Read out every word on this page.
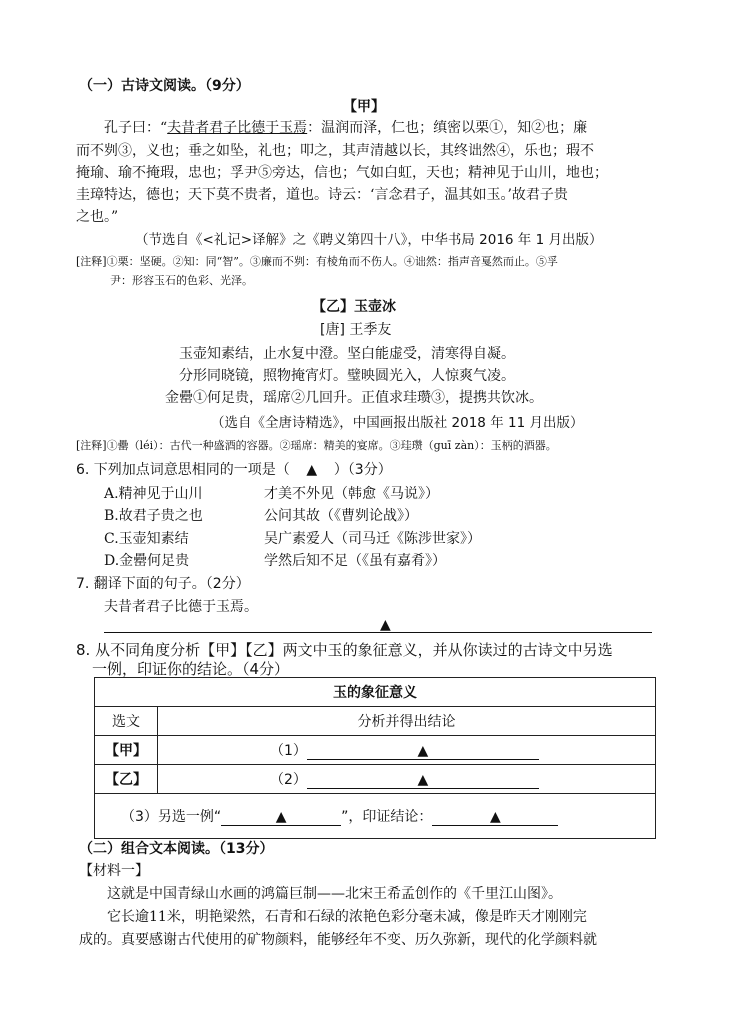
（一）古诗文阅读。（9分）
【甲】
孔子曰：“夫昔者君子比德于玉焉：温润而泽，仁也；缜密以栗①，知②也；廉
而不刿③，义也；垂之如坠，礼也；叩之，其声清越以长，其终诎然④，乐也；瑕不
掩瑜、瑜不掩瑕，忠也；孚尹⑤旁达，信也；气如白虹，天也；精神见于山川，地也；
圭璋特达，德也；天下莫不贵者，道也。诗云：‘言念君子，温其如玉。’故君子贵
之也。”
（节选自《<礼记>译解》之《聘义第四十八》，中华书局 2016 年 1 月出版）
[注释]①栗：坚硬。②知：同“智”。③廉而不刿：有棱角而不伤人。④诎然：指声音戛然而止。⑤孚
尹：形容玉石的色彩、光泽。
【乙】玉壶冰
[唐] 王季友
玉壶知素结，止水复中澄。坚白能虚受，清寒得自凝。
分形同晓镜，照物掩宵灯。璧映圆光入，人惊爽气凌。
金罍①何足贵，瑶席②几回升。正值求珪瓒③，提携共饮冰。
（选自《全唐诗精选》，中国画报出版社 2018 年 11 月出版）
[注释]①罍（léi）：古代一种盛酒的容器。②瑶席：精美的宴席。③珪瓒（guī zàn）：玉柄的酒器。
6. 下列加点词意思相同的一项是（ ▲ ）（3分）
A.精神见于山川	才美不外见（韩愈《马说》）
B.故君子贵之也	公问其故（《曹刿论战》）
C.玉壶知素结	吴广素爱人（司马迁《陈涉世家》）
D.金罍何足贵	学然后知不足（《虽有嘉肴》）
7. 翻译下面的句子。（2分）
夫昔者君子比德于玉焉。
▲
8. 从不同角度分析【甲】【乙】两文中玉的象征意义，并从你读过的古诗文中另选
一例，印证你的结论。（4分）
玉的象征意义	
选文	分析并得出结论
【甲】	（1） ▲
【乙】	（2） ▲
（3）另选一例“ ▲ ”，印证结论： ▲	
（二）组合文本阅读。（13分）
【材料一】
这就是中国青绿山水画的鸿篇巨制——北宋王希孟创作的《千里江山图》。
它长逾11米，明艳梁然，石青和石绿的浓艳色彩分毫未减，像是昨天才刚刚完
成的。真要感谢古代使用的矿物颜料，能够经年不变、历久弥新，现代的化学颜料就
